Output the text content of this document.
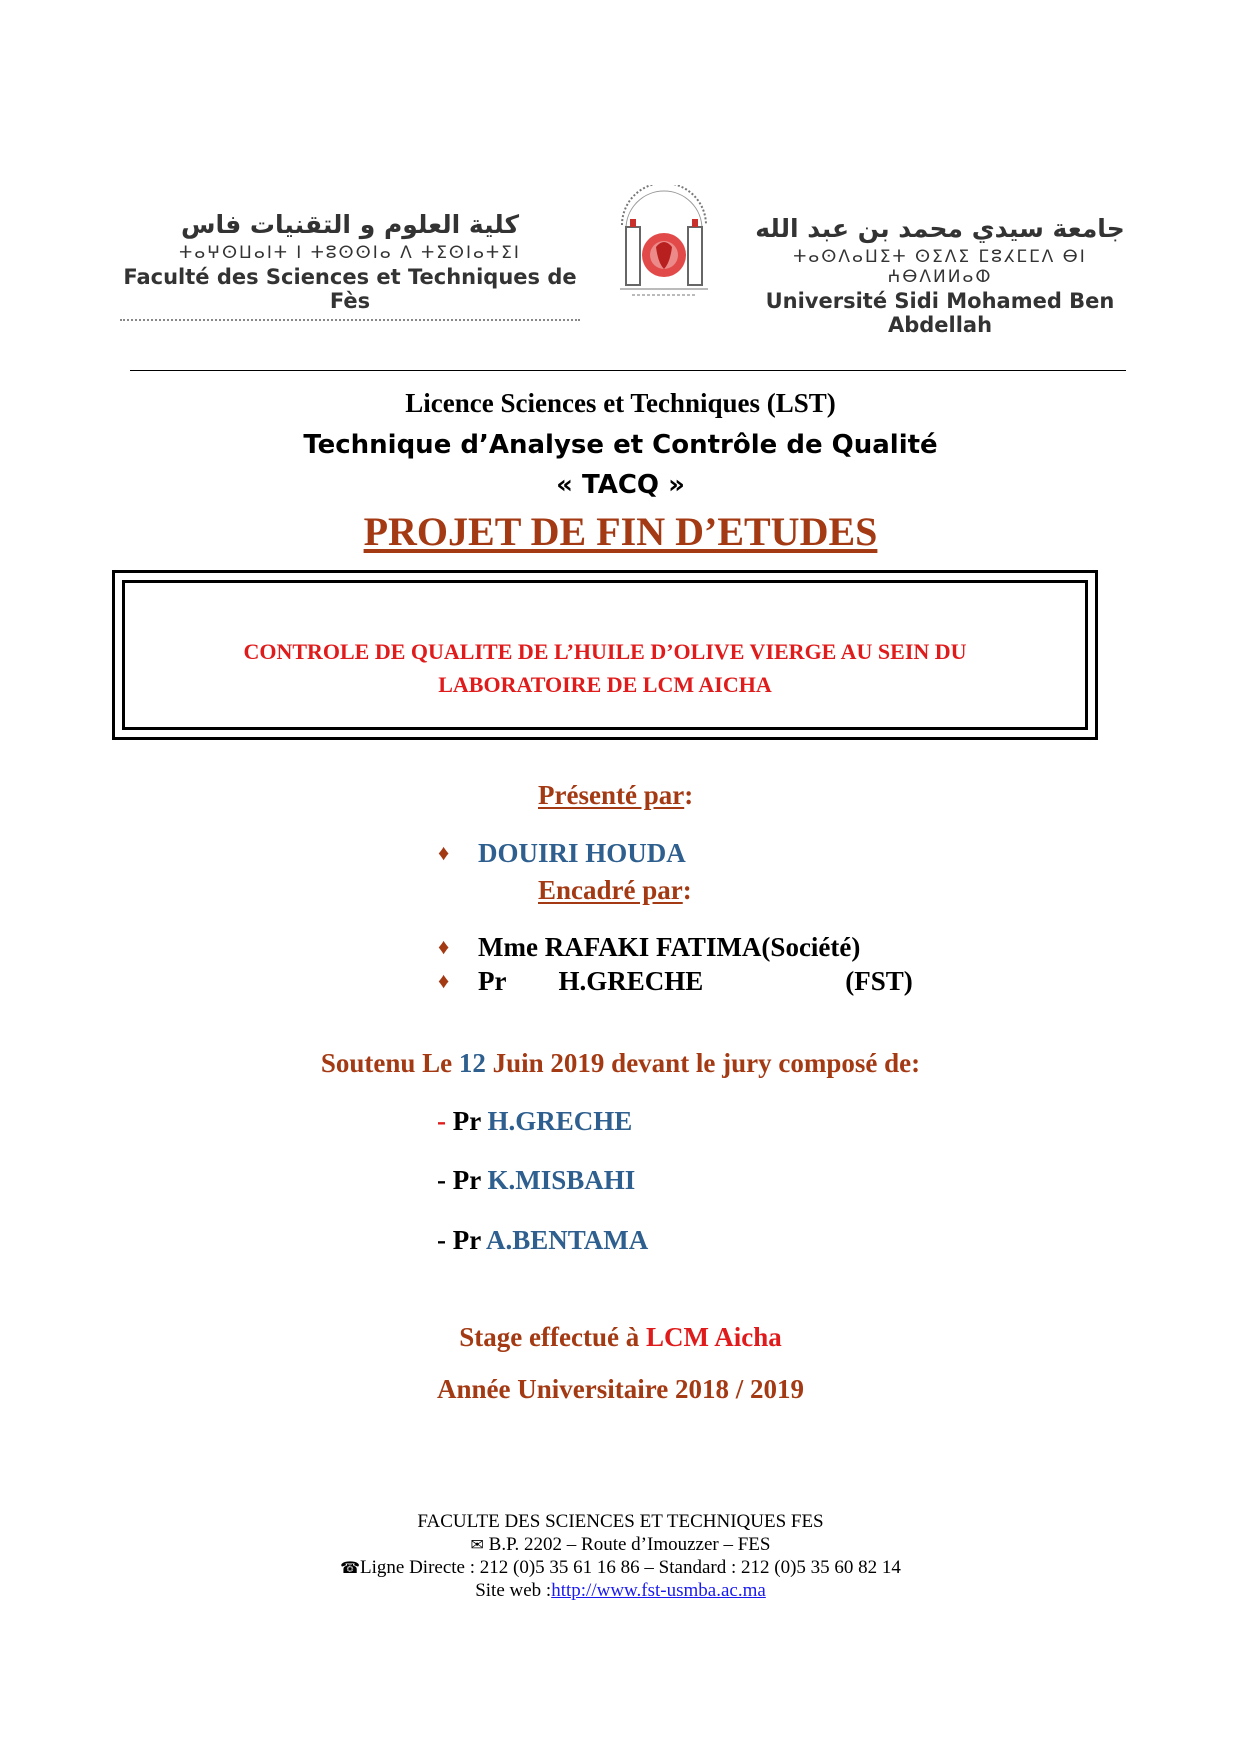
كلية العلوم و التقنيات فاس
ⵜⴰⵖⵙⵡⴰⵏⵜ ⵏ ⵜⵓⵙⵙⵏⴰ ⴷ ⵜⵉⵙⵏⴰⵜⵉⵏ
Faculté des Sciences et Techniques de Fès
جامعة سيدي محمد بن عبد الله
ⵜⴰⵙⴷⴰⵡⵉⵜ ⵙⵉⴷⵉ ⵎⵓⵃⵎⵎⴷ ⴱⵏ ⵄⴱⴷⵍⵍⴰⵀ
Université Sidi Mohamed Ben Abdellah
Licence Sciences et Techniques (LST)
Technique d’Analyse et Contrôle de Qualité
« TACQ »
PROJET DE FIN D’ETUDES
CONTROLE DE QUALITE DE L’HUILE D’OLIVE VIERGE AU SEIN DU
LABORATOIRE DE LCM AICHA
Présenté par:
♦ DOUIRI HOUDA
Encadré par:
♦ Mme RAFAKI FATIMA(Société)
♦ Pr H.GRECHE	(FST)
Soutenu Le 12 Juin 2019 devant le jury composé de:
- Pr H.GRECHE
- Pr K.MISBAHI
- Pr A.BENTAMA
Stage effectué à LCM Aicha
Année Universitaire 2018 / 2019
FACULTE DES SCIENCES ET TECHNIQUES FES
✉ B.P. 2202 – Route d’Imouzzer – FES
☎Ligne Directe : 212 (0)5 35 61 16 86 – Standard : 212 (0)5 35 60 82 14
Site web :http://www.fst-usmba.ac.ma
